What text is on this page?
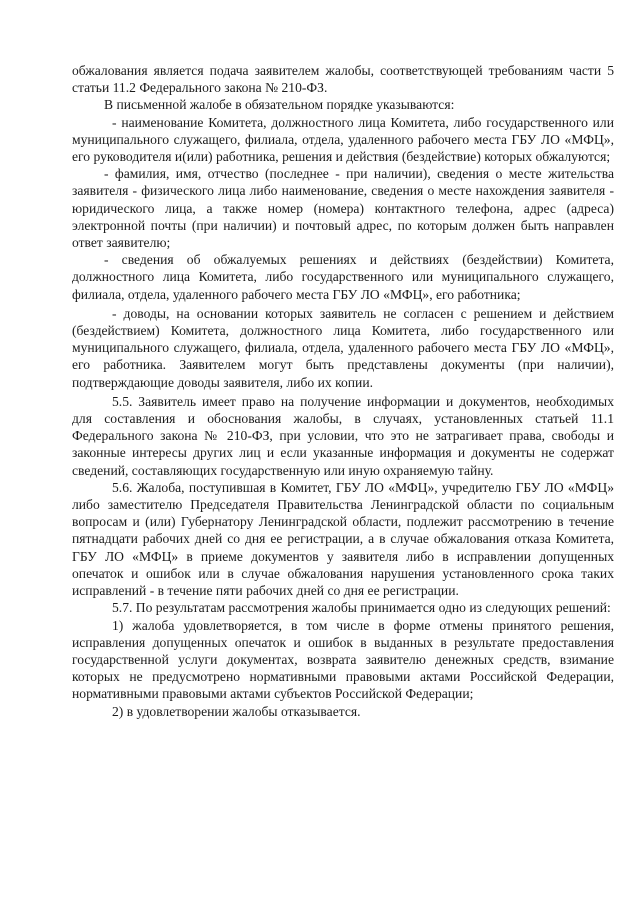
обжалования является подача заявителем жалобы, соответствующей требованиям части 5 статьи 11.2 Федерального закона № 210-ФЗ.

В письменной жалобе в обязательном порядке указываются:

- наименование Комитета, должностного лица Комитета, либо государственного или муниципального служащего, филиала, отдела, удаленного рабочего места ГБУ ЛО «МФЦ», его руководителя и(или) работника, решения и действия (бездействие) которых обжалуются;

- фамилия, имя, отчество (последнее - при наличии), сведения о месте жительства заявителя - физического лица либо наименование, сведения о месте нахождения заявителя - юридического лица, а также номер (номера) контактного телефона, адрес (адреса) электронной почты (при наличии) и почтовый адрес, по которым должен быть направлен ответ заявителю;

- сведения об обжалуемых решениях и действиях (бездействии) Комитета, должностного лица Комитета, либо государственного или муниципального служащего, филиала, отдела, удаленного рабочего места ГБУ ЛО «МФЦ», его работника;

- доводы, на основании которых заявитель не согласен с решением и действием (бездействием) Комитета, должностного лица Комитета, либо государственного или муниципального служащего, филиала, отдела, удаленного рабочего места ГБУ ЛО «МФЦ», его работника. Заявителем могут быть представлены документы (при наличии), подтверждающие доводы заявителя, либо их копии.

5.5. Заявитель имеет право на получение информации и документов, необходимых для составления и обоснования жалобы, в случаях, установленных статьей 11.1 Федерального закона № 210-ФЗ, при условии, что это не затрагивает права, свободы и законные интересы других лиц и если указанные информация и документы не содержат сведений, составляющих государственную или иную охраняемую тайну.

5.6. Жалоба, поступившая в Комитет, ГБУ ЛО «МФЦ», учредителю ГБУ ЛО «МФЦ» либо заместителю Председателя Правительства Ленинградской области по социальным вопросам и (или) Губернатору Ленинградской области, подлежит рассмотрению в течение пятнадцати рабочих дней со дня ее регистрации, а в случае обжалования отказа Комитета, ГБУ ЛО «МФЦ» в приеме документов у заявителя либо в исправлении допущенных опечаток и ошибок или в случае обжалования нарушения установленного срока таких исправлений - в течение пяти рабочих дней со дня ее регистрации.

5.7. По результатам рассмотрения жалобы принимается одно из следующих решений:

1) жалоба удовлетворяется, в том числе в форме отмены принятого решения, исправления допущенных опечаток и ошибок в выданных в результате предоставления государственной услуги документах, возврата заявителю денежных средств, взимание которых не предусмотрено нормативными правовыми актами Российской Федерации, нормативными правовыми актами субъектов Российской Федерации;

2) в удовлетворении жалобы отказывается.
